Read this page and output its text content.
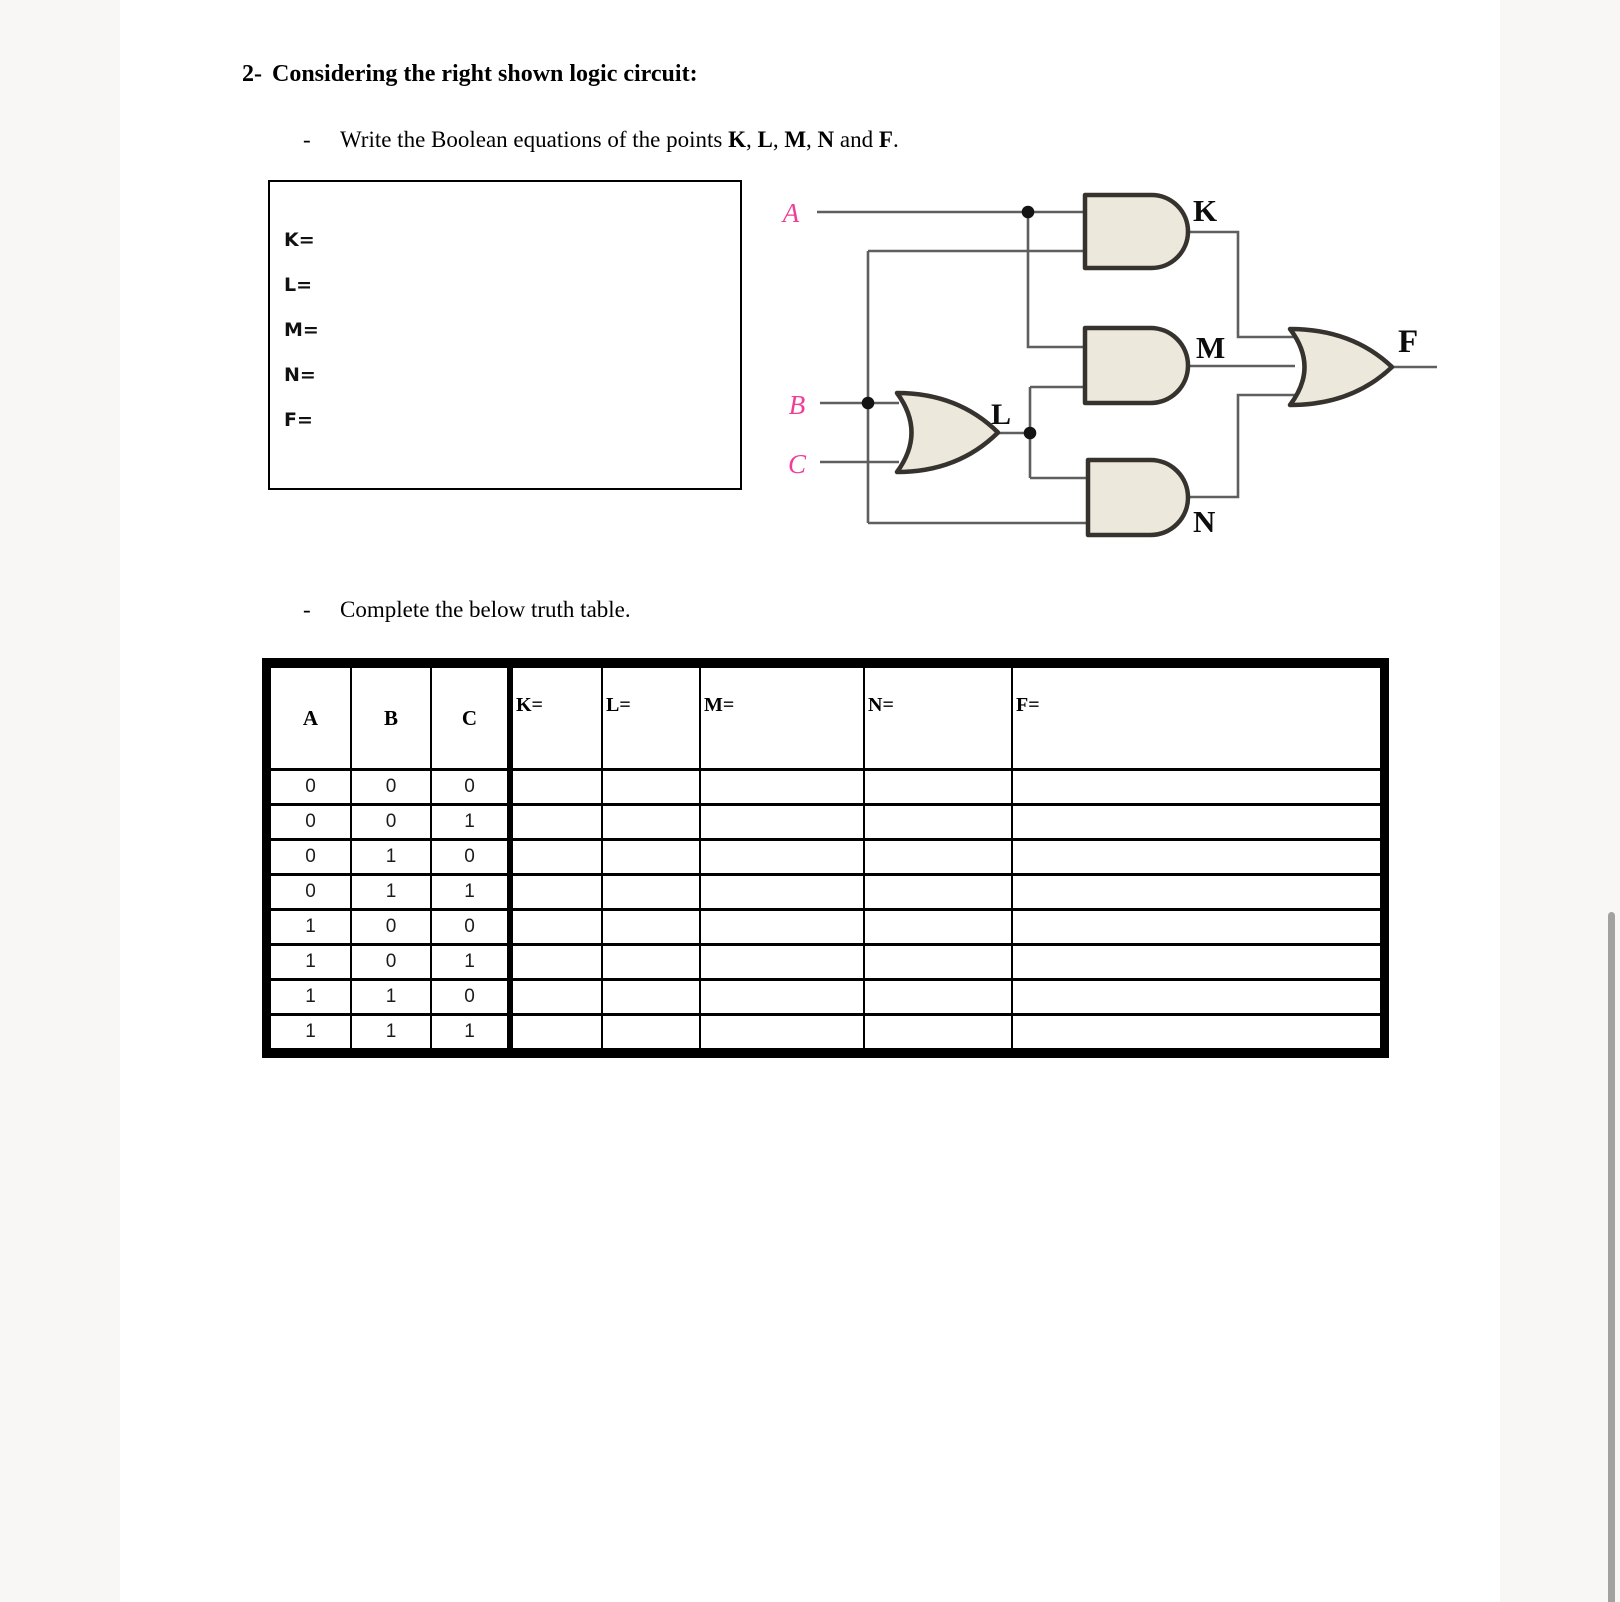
2- Considering the right shown logic circuit:
- Write the Boolean equations of the points K, L, M, N and F.
K=
L=
M=
N=
F=
A
B
C
K
L
M
N
F
- Complete the below truth table.
A	B	C	K=	L=	M=	N=	F=
0	0	0					
0	0	1					
0	1	0					
0	1	1					
1	0	0					
1	0	1					
1	1	0					
1	1	1					
